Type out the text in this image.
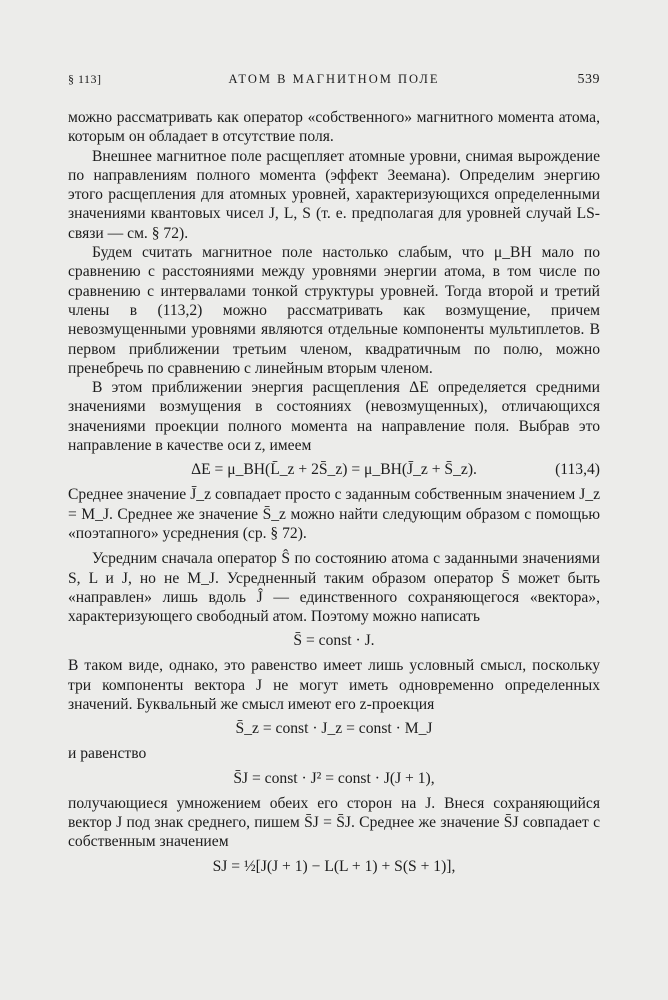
§ 113]	АТОМ В МАГНИТНОМ ПОЛЕ	539

можно рассматривать как оператор «собственного» магнитного момента атома, которым он обладает в отсутствие поля.

Внешнее магнитное поле расщепляет атомные уровни, снимая вырождение по направлениям полного момента (эффект Зеемана). Определим энергию этого расщепления для атомных уровней, характеризующихся определенными значениями квантовых чисел J, L, S (т. е. предполагая для уровней случай LS-связи — см. § 72).

Будем считать магнитное поле настолько слабым, что μ_BH мало по сравнению с расстояниями между уровнями энергии атома, в том числе по сравнению с интервалами тонкой структуры уровней. Тогда второй и третий члены в (113,2) можно рассматривать как возмущение, причем невозмущенными уровнями являются отдельные компоненты мультиплетов. В первом приближении третьим членом, квадратичным по полю, можно пренебречь по сравнению с линейным вторым членом.

В этом приближении энергия расщепления ΔE определяется средними значениями возмущения в состояниях (невозмущенных), отличающихся значениями проекции полного момента на направление поля. Выбрав это направление в качестве оси z, имеем

ΔE = μ_BH(L̄_z + 2S̄_z) = μ_BH(J̄_z + S̄_z).	(113,4)

Среднее значение J̄_z совпадает просто с заданным собственным значением J_z = M_J. Среднее же значение S̄_z можно найти следующим образом с помощью «поэтапного» усреднения (ср. § 72).

Усредним сначала оператор Ŝ по состоянию атома с заданными значениями S, L и J, но не M_J. Усредненный таким образом оператор S̄ может быть «направлен» лишь вдоль Ĵ — единственного сохраняющегося «вектора», характеризующего свободный атом. Поэтому можно написать

S̄ = const · J.

В таком виде, однако, это равенство имеет лишь условный смысл, поскольку три компоненты вектора J не могут иметь одновременно определенных значений. Буквальный же смысл имеют его z-проекция

S̄_z = const · J_z = const · M_J

и равенство

S̄J = const · J² = const · J(J + 1),

получающиеся умножением обеих его сторон на J. Внеся сохраняющийся вектор J под знак среднего, пишем S̄J = S̄J. Среднее же значение S̄J совпадает с собственным значением

SJ = ½[J(J + 1) − L(L + 1) + S(S + 1)],
